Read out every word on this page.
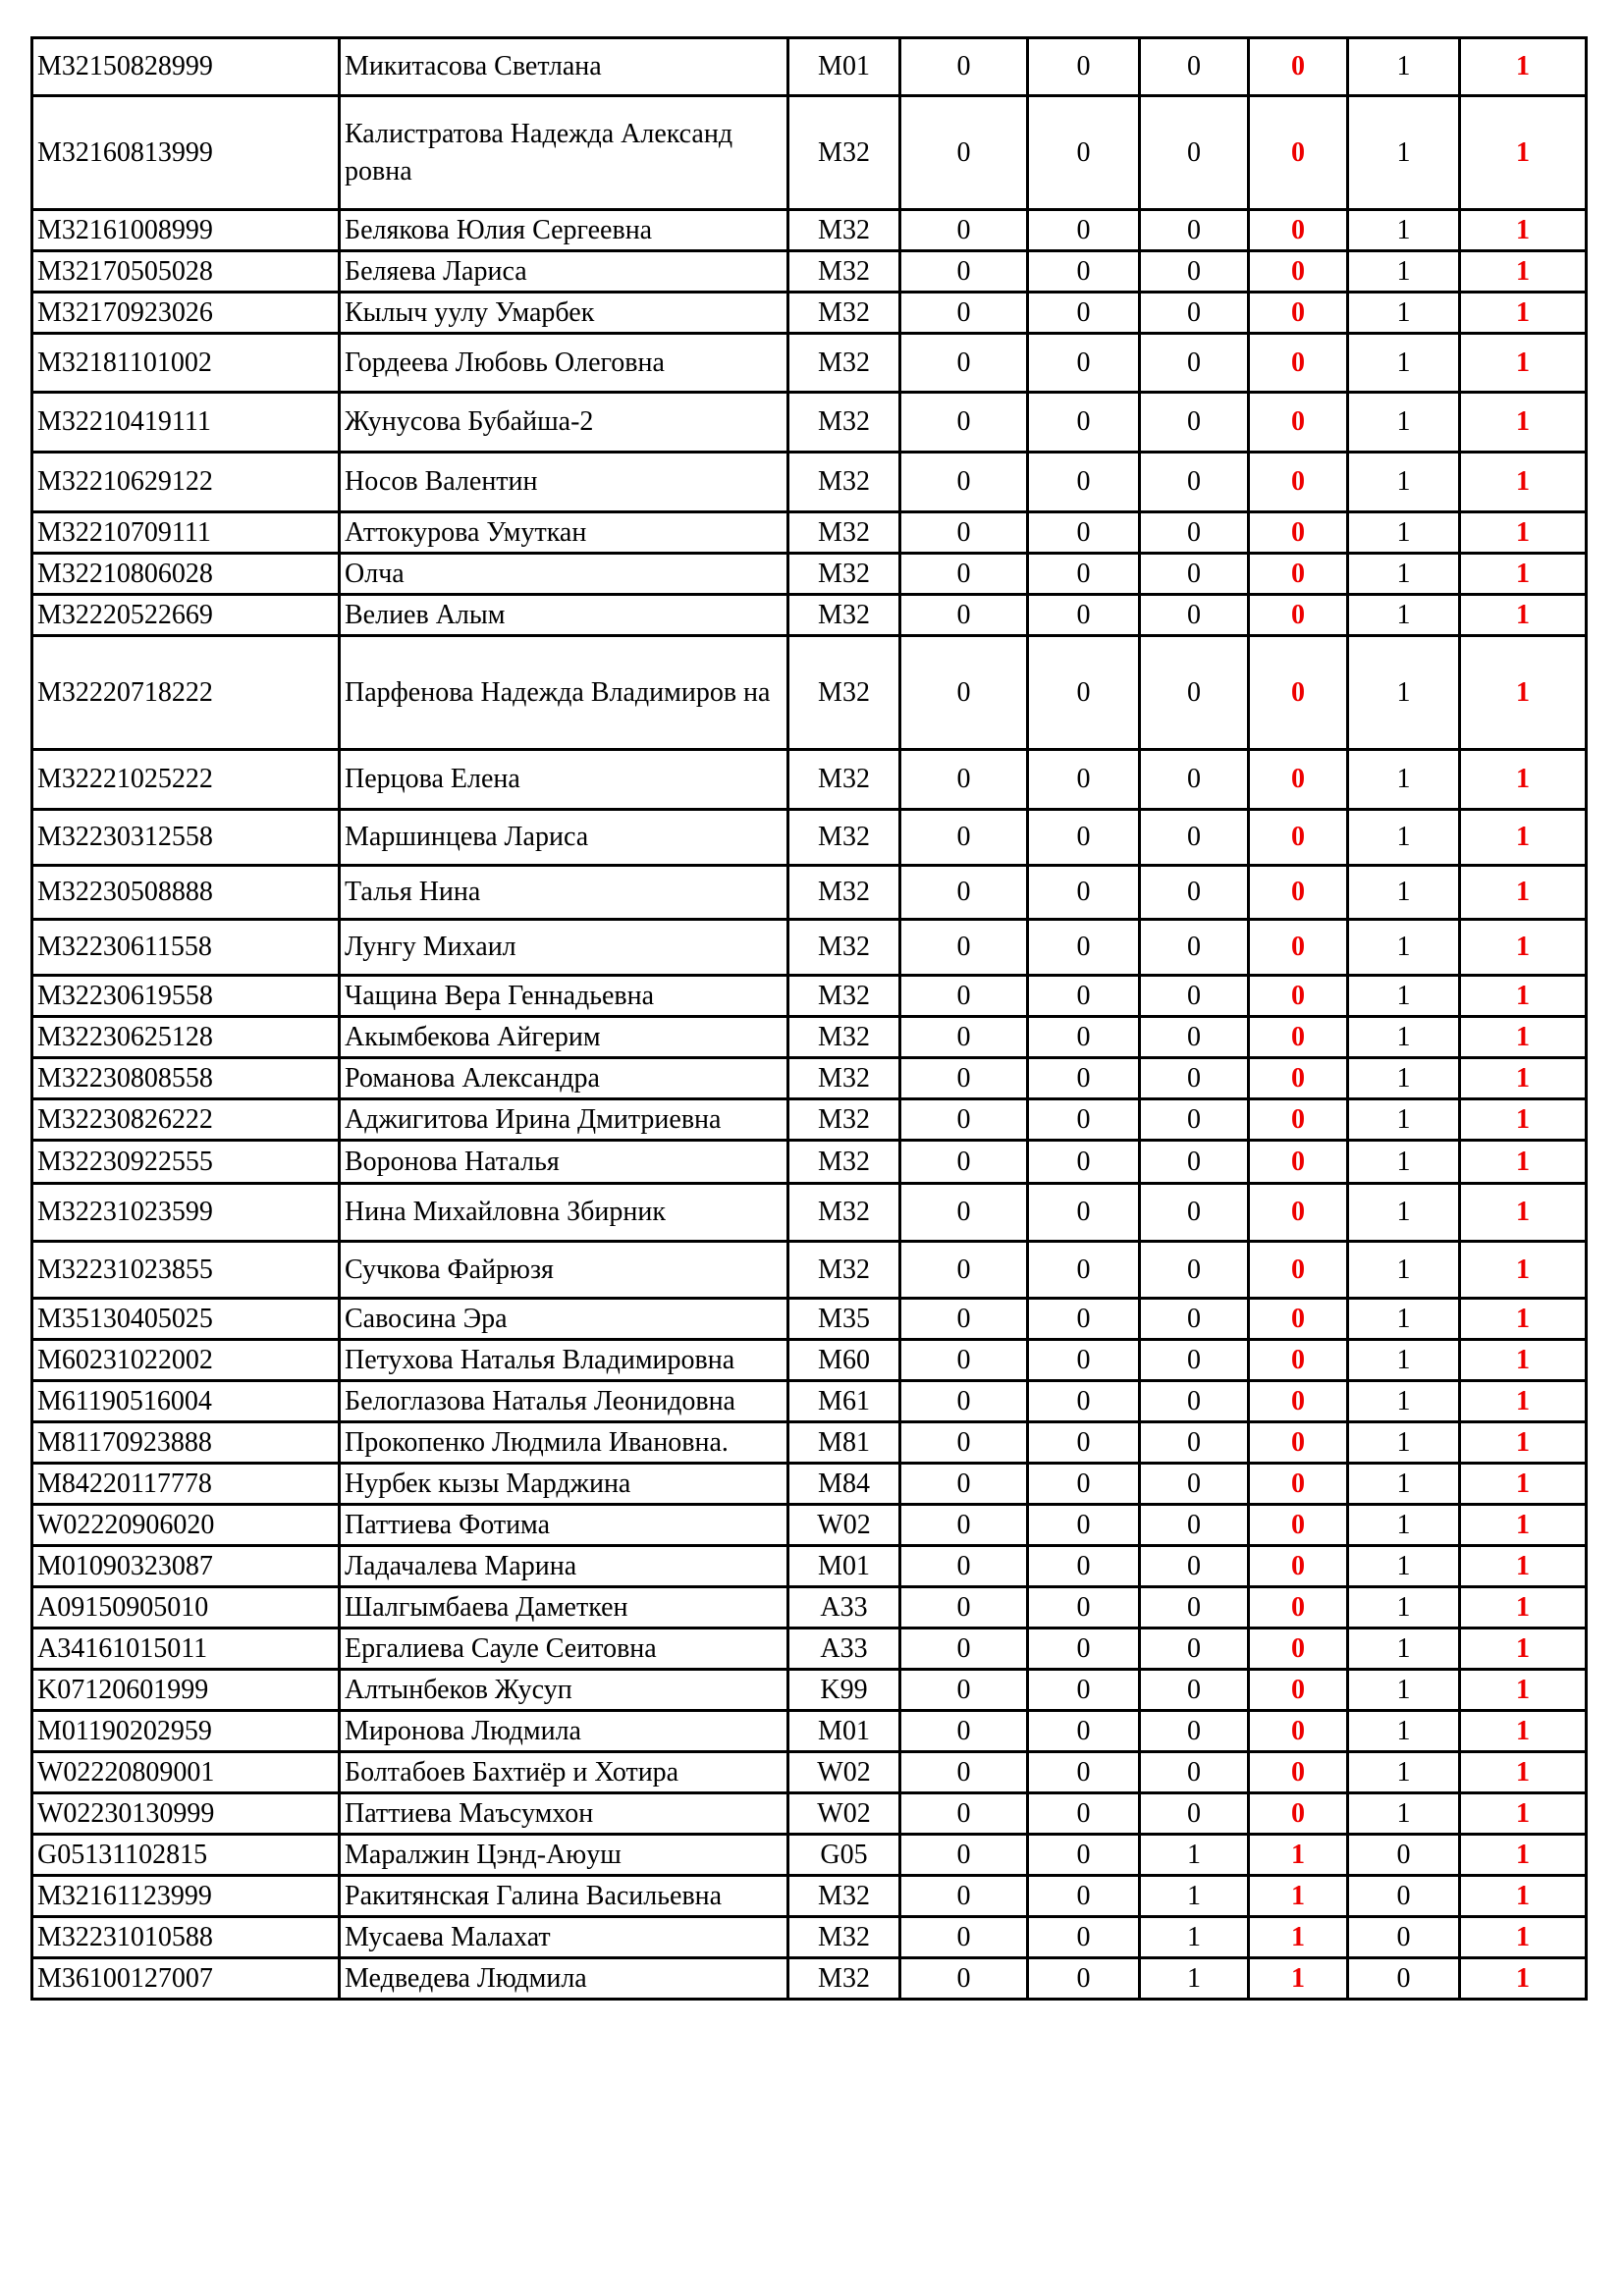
M32150828999	Микитасова Светлана	M01	0	0	0	0	1	1
M32160813999	Калистратова Надежда Александ ровна	M32	0	0	0	0	1	1
M32161008999	Белякова Юлия Сергеевна	M32	0	0	0	0	1	1
M32170505028	Беляева Лариса	M32	0	0	0	0	1	1
M32170923026	Кылыч уулу Умарбек	M32	0	0	0	0	1	1
M32181101002	Гордеева Любовь Олеговна	M32	0	0	0	0	1	1
M32210419111	Жунусова Бубайша-2	M32	0	0	0	0	1	1
M32210629122	Носов Валентин	M32	0	0	0	0	1	1
M32210709111	Аттокурова Умуткан	M32	0	0	0	0	1	1
M32210806028	Олча	M32	0	0	0	0	1	1
M32220522669	Велиев Алым	M32	0	0	0	0	1	1
M32220718222	Парфенова Надежда Владимиров на	M32	0	0	0	0	1	1
M32221025222	Перцова Елена	M32	0	0	0	0	1	1
M32230312558	Маршинцева Лариса	M32	0	0	0	0	1	1
M32230508888	Талья Нина	M32	0	0	0	0	1	1
M32230611558	Лунгу Михаил	M32	0	0	0	0	1	1
M32230619558	Чащина Вера Геннадьевна	M32	0	0	0	0	1	1
M32230625128	Акымбекова Айгерим	M32	0	0	0	0	1	1
M32230808558	Романова Александра	M32	0	0	0	0	1	1
M32230826222	Аджигитова Ирина Дмитриевна	M32	0	0	0	0	1	1
M32230922555	Воронова Наталья	M32	0	0	0	0	1	1
M32231023599	Нина Михайловна Збирник	M32	0	0	0	0	1	1
M32231023855	Сучкова Файрюзя	M32	0	0	0	0	1	1
M35130405025	Савосина Эра	M35	0	0	0	0	1	1
M60231022002	Петухова Наталья Владимировна	M60	0	0	0	0	1	1
M61190516004	Белоглазова Наталья Леонидовна	M61	0	0	0	0	1	1
M81170923888	Прокопенко Людмила Ивановна.	M81	0	0	0	0	1	1
M84220117778	Нурбек кызы Марджина	M84	0	0	0	0	1	1
W02220906020	Паттиева Фотима	W02	0	0	0	0	1	1
M01090323087	Ладачалева Марина	M01	0	0	0	0	1	1
A09150905010	Шалгымбаева Даметкен	A33	0	0	0	0	1	1
A34161015011	Ергалиева Сауле Сеитовна	A33	0	0	0	0	1	1
K07120601999	Алтынбеков Жусуп	K99	0	0	0	0	1	1
M01190202959	Миронова Людмила	M01	0	0	0	0	1	1
W02220809001	Болтабоев Бахтиёр и Хотира	W02	0	0	0	0	1	1
W02230130999	Паттиева Маъсумхон	W02	0	0	0	0	1	1
G05131102815	Маралжин Цэнд-Аюуш	G05	0	0	1	1	0	1
M32161123999	Ракитянская Галина Васильевна	M32	0	0	1	1	0	1
M32231010588	Мусаева Малахат	M32	0	0	1	1	0	1
M36100127007	Медведева Людмила	M32	0	0	1	1	0	1
